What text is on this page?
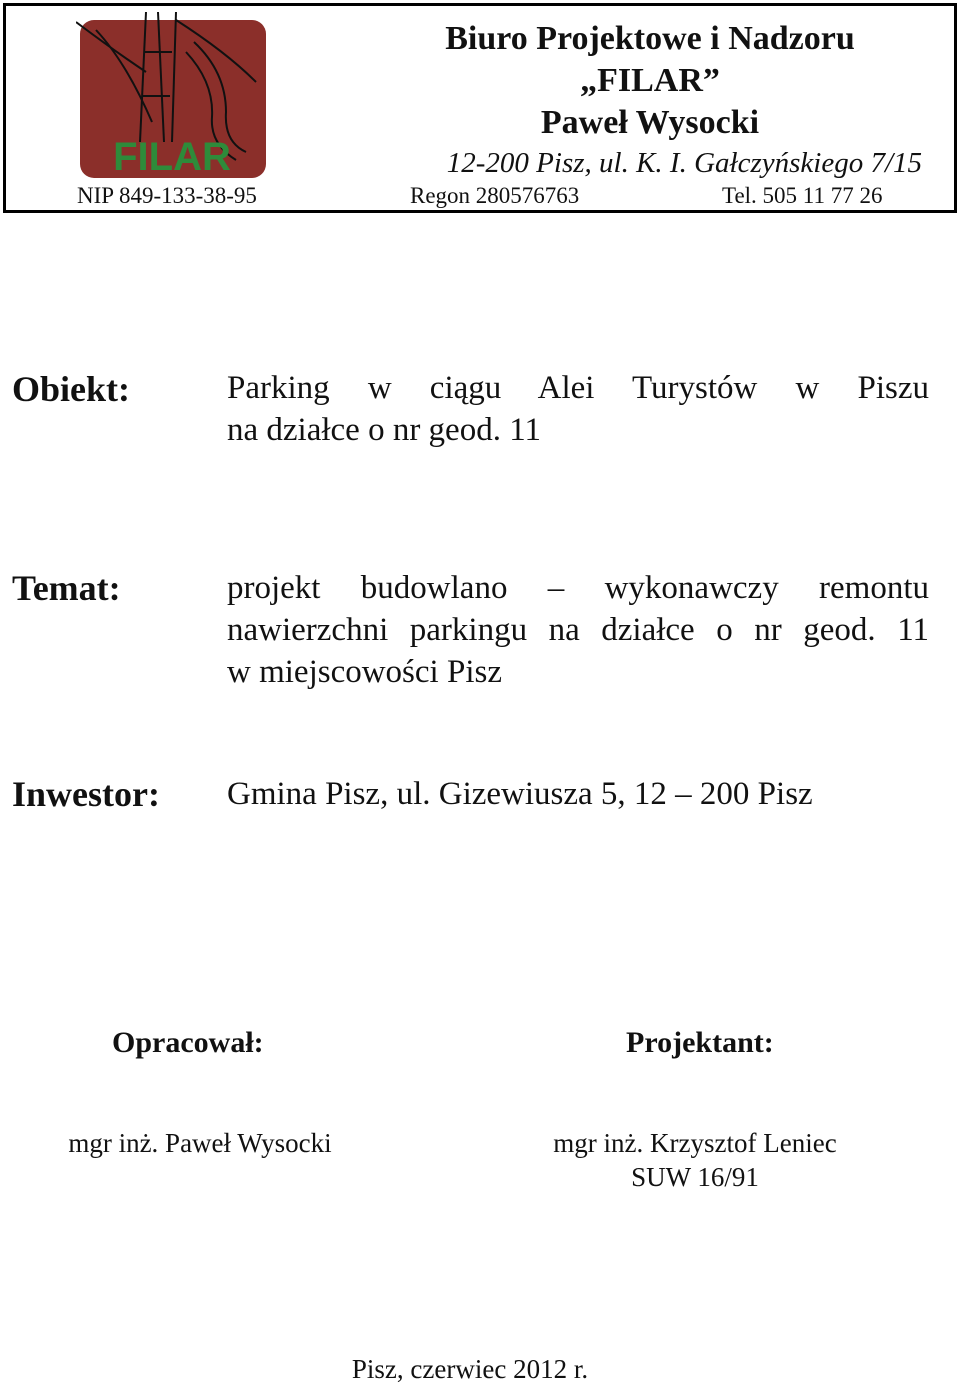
FILAR
Biuro Projektowe i Nadzoru
„FILAR”
Paweł Wysocki
12-200 Pisz, ul. K. I. Gałczyńskiego 7/15
NIP 849-133-38-95	Regon 280576763	Tel. 505 11 77 26
Obiekt:	Parking w ciągu Alei Turystów w Piszu
na działce o nr geod. 11
Temat:	projekt budowlano – wykonawczy remontu
nawierzchni parkingu na działce o nr geod. 11
w miejscowości Pisz
Inwestor: Gmina Pisz, ul. Gizewiusza 5, 12 – 200 Pisz
Opracował:	Projektant:
mgr inż. Paweł Wysocki	mgr inż. Krzysztof Leniec
SUW 16/91
Pisz, czerwiec 2012 r.
